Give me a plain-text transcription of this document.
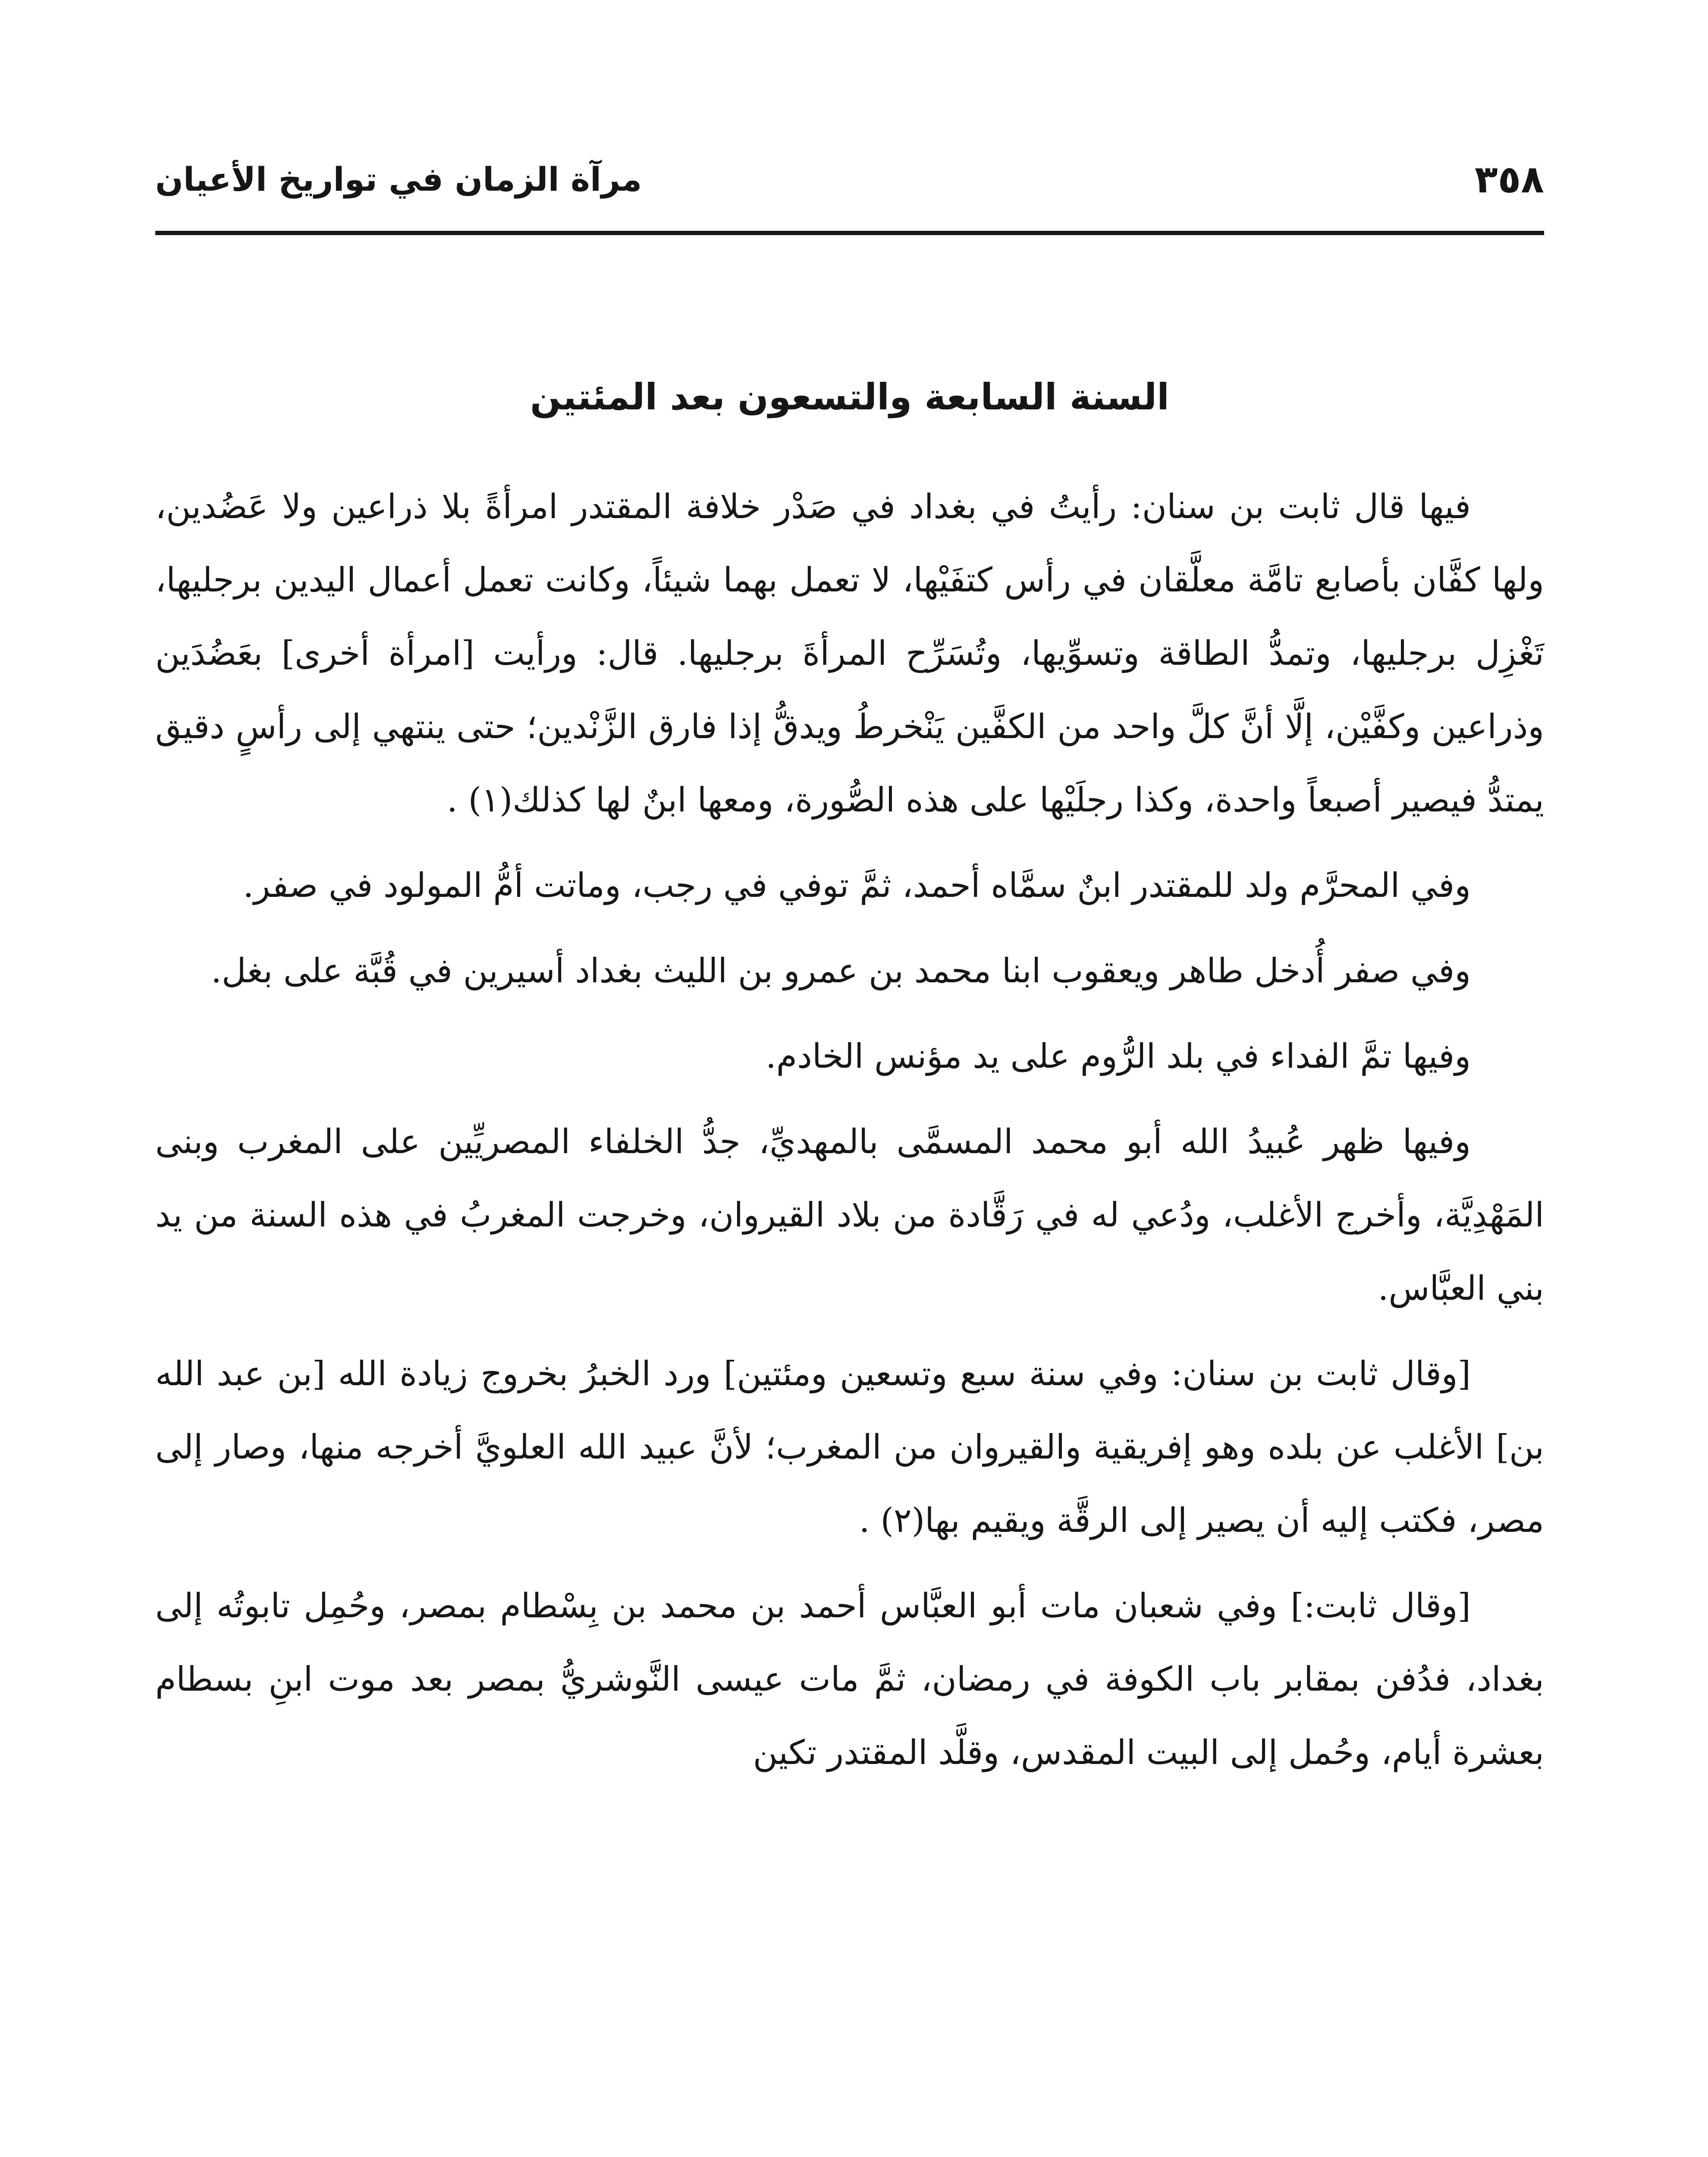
٣٥٨
مرآة الزمان في تواريخ الأعيان
السنة السابعة والتسعون بعد المئتين

فيها قال ثابت بن سنان: رأيتُ في بغداد في صَدْر خلافة المقتدر امرأةً بلا ذراعين ولا عَضُدين، ولها كفَّان بأصابع تامَّة معلَّقان في رأس كتفَيْها، لا تعمل بهما شيئاً، وكانت تعمل أعمال اليدين برجليها، تَغْزِل برجليها، وتمدُّ الطاقة وتسوِّيها، وتُسَرِّح المرأةَ برجليها. قال: ورأيت [امرأة أخرى] بعَضُدَين وذراعين وكفَّيْن، إلَّا أنَّ كلَّ واحد من الكفَّين يَنْخرطُ ويدقُّ إذا فارق الزَّنْدين؛ حتى ينتهي إلى رأسٍ دقيق يمتدُّ فيصير أصبعاً واحدة، وكذا رجلَيْها على هذه الصُّورة، ومعها ابنٌ لها كذلك(١) .

وفي المحرَّم ولد للمقتدر ابنٌ سمَّاه أحمد، ثمَّ توفي في رجب، وماتت أمُّ المولود في صفر.

وفي صفر أُدخل طاهر ويعقوب ابنا محمد بن عمرو بن الليث بغداد أسيرين في قُبَّة على بغل.

وفيها تمَّ الفداء في بلد الرُّوم على يد مؤنس الخادم.

وفيها ظهر عُبيدُ الله أبو محمد المسمَّى بالمهديِّ، جدُّ الخلفاء المصريِّين على المغرب وبنى المَهْدِيَّة، وأخرج الأغلب، ودُعي له في رَقَّادة من بلاد القيروان، وخرجت المغربُ في هذه السنة من يد بني العبَّاس.

[وقال ثابت بن سنان: وفي سنة سبع وتسعين ومئتين] ورد الخبرُ بخروج زيادة الله [بن عبد الله بن] الأغلب عن بلده وهو إفريقية والقيروان من المغرب؛ لأنَّ عبيد الله العلويَّ أخرجه منها، وصار إلى مصر، فكتب إليه أن يصير إلى الرقَّة ويقيم بها(٢) .

[وقال ثابت:] وفي شعبان مات أبو العبَّاس أحمد بن محمد بن بِسْطام بمصر، وحُمِل تابوتُه إلى بغداد، فدُفن بمقابر باب الكوفة في رمضان، ثمَّ مات عيسى النَّوشريُّ بمصر بعد موت ابنِ بسطام بعشرة أيام، وحُمل إلى البيت المقدس، وقلَّد المقتدر تكين
